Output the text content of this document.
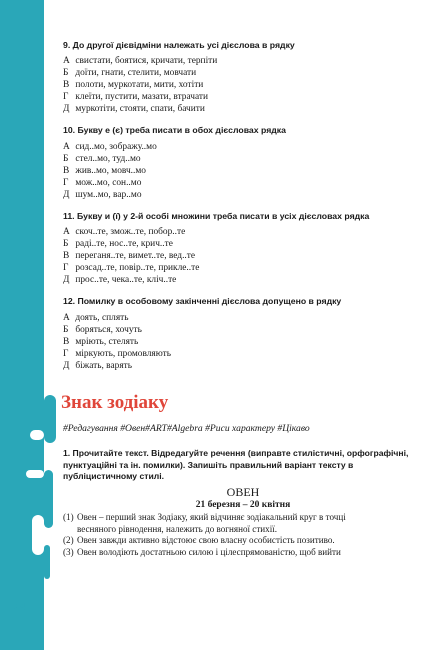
74
9. До другої дієвідміни належать усі дієслова в рядку
А свистати, боятися, кричати, терпіти
Б доїти, гнати, стелити, мовчати
В полоти, муркотати, мити, хотіти
Г клеїти, пустити, мазати, втрачати
Д муркотіти, стояти, спати, бачити
10. Букву е (є) треба писати в обох дієсловах рядка
А сид..мо, зображу..мо
Б стел..мо, туд..мо
В жив..мо, мовч..мо
Г мож..мо, сон..мо
Д шум..мо, вар..мо
11. Букву и (ї) у 2-й особі множини треба писати в усіх дієсловах рядка
А скоч..те, змож..те, побор..те
Б раді..те, нос..те, крич..те
В переганя..те, вимет..те, вед..те
Г розсад..те, повір..те, прикле..те
Д прос..те, чека..те, кліч..те
12. Помилку в особовому закінченні дієслова допущено в рядку
А доять, сплять
Б боряться, хочуть
В мріють, стелять
Г міркують, промовляють
Д біжать, варять
Знак зодіаку
#Редагування #Овен#ART#Algebra #Риси характеру #Цікаво
1. Прочитайте текст. Відредагуйте речення (виправте стилістичні, орфографічні, пунктуаційні та ін. помилки). Запишіть правильний варіант тексту в публіцистичному стилі.
ОВЕН
21 березня – 20 квітня
(1) Овен – перший знак Зодіаку, який відчиняє зодіакальний круг в точці
весняного рівнодення, належить до вогняної стихії.
(2) Овен завжди активно відстоює свою власну особистість позитиво.
(3) Овен володіють достатньою силою і цілеспрямованістю, щоб вийти
